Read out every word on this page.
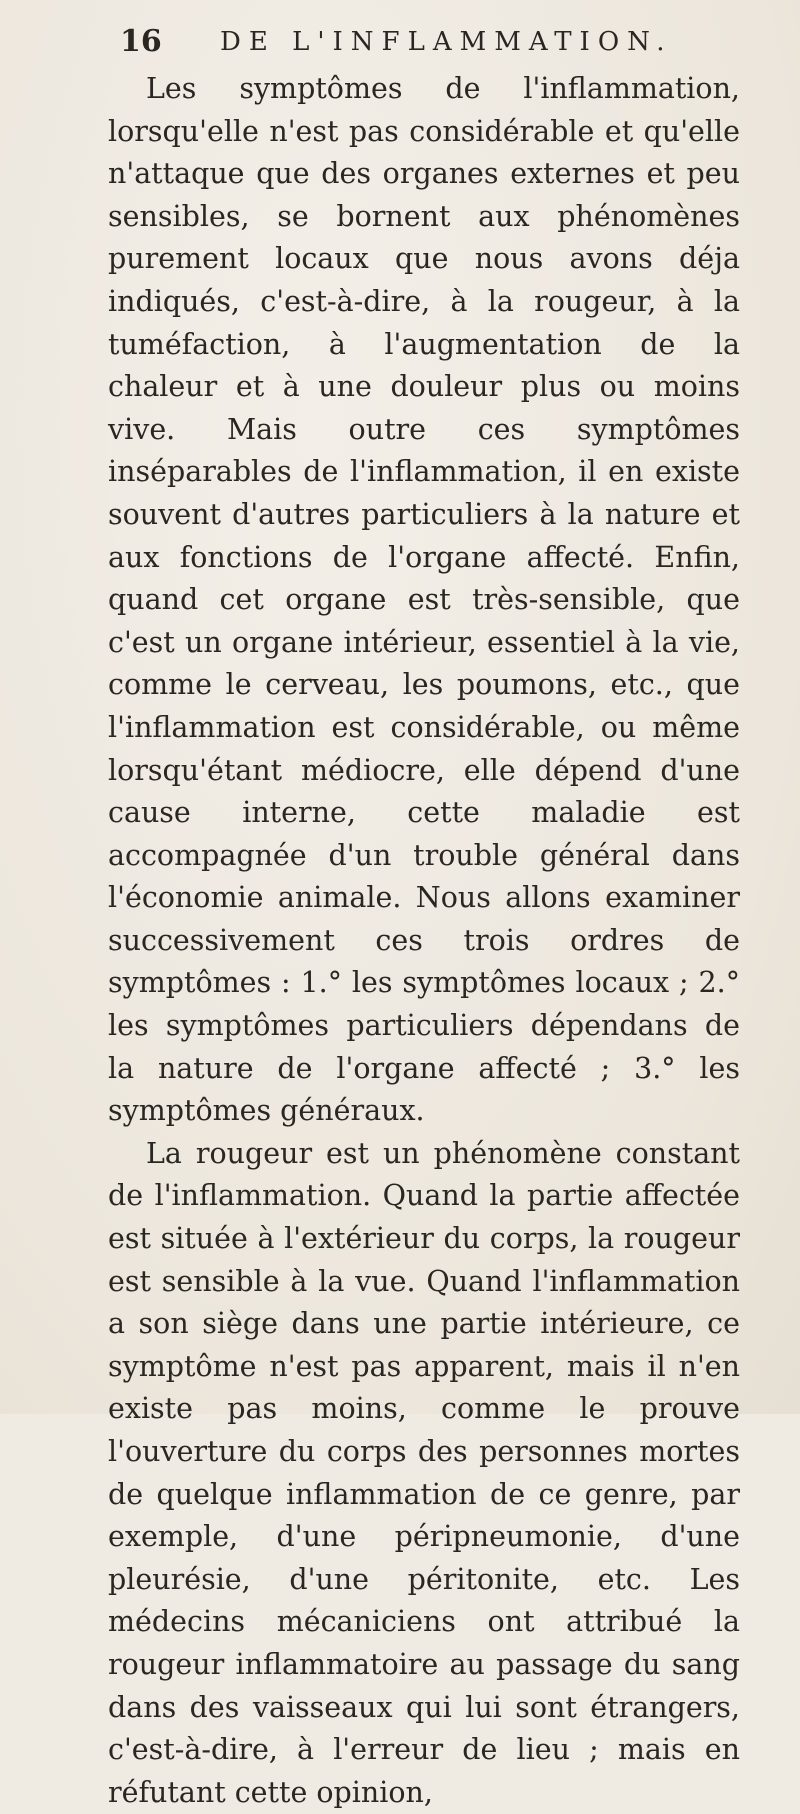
16 DE L'INFLAMMATION.

Les symptômes de l'inflammation, lorsqu'elle n'est pas considérable et qu'elle n'attaque que des organes externes et peu sensibles, se bornent aux phénomènes purement locaux que nous avons déja indiqués, c'est-à-dire, à la rougeur, à la tuméfaction, à l'augmentation de la chaleur et à une douleur plus ou moins vive. Mais outre ces symptômes inséparables de l'inflammation, il en existe souvent d'autres particuliers à la nature et aux fonctions de l'organe affecté. Enfin, quand cet organe est très-sensible, que c'est un organe intérieur, essentiel à la vie, comme le cerveau, les poumons, etc., que l'inflammation est considérable, ou même lorsqu'étant médiocre, elle dépend d'une cause interne, cette maladie est accompagnée d'un trouble général dans l'économie animale. Nous allons examiner successivement ces trois ordres de symptômes : 1.° les symptômes locaux ; 2.° les symptômes particuliers dépendans de la nature de l'organe affecté ; 3.° les symptômes généraux.

La rougeur est un phénomène constant de l'inflammation. Quand la partie affectée est située à l'extérieur du corps, la rougeur est sensible à la vue. Quand l'inflammation a son siège dans une partie intérieure, ce symptôme n'est pas apparent, mais il n'en existe pas moins, comme le prouve l'ouverture du corps des personnes mortes de quelque inflammation de ce genre, par exemple, d'une péripneumonie, d'une pleurésie, d'une péritonite, etc. Les médecins mécaniciens ont attribué la rougeur inflammatoire au passage du sang dans des vaisseaux qui lui sont étrangers, c'est-à-dire, à l'erreur de lieu ; mais en réfutant cette opinion,
